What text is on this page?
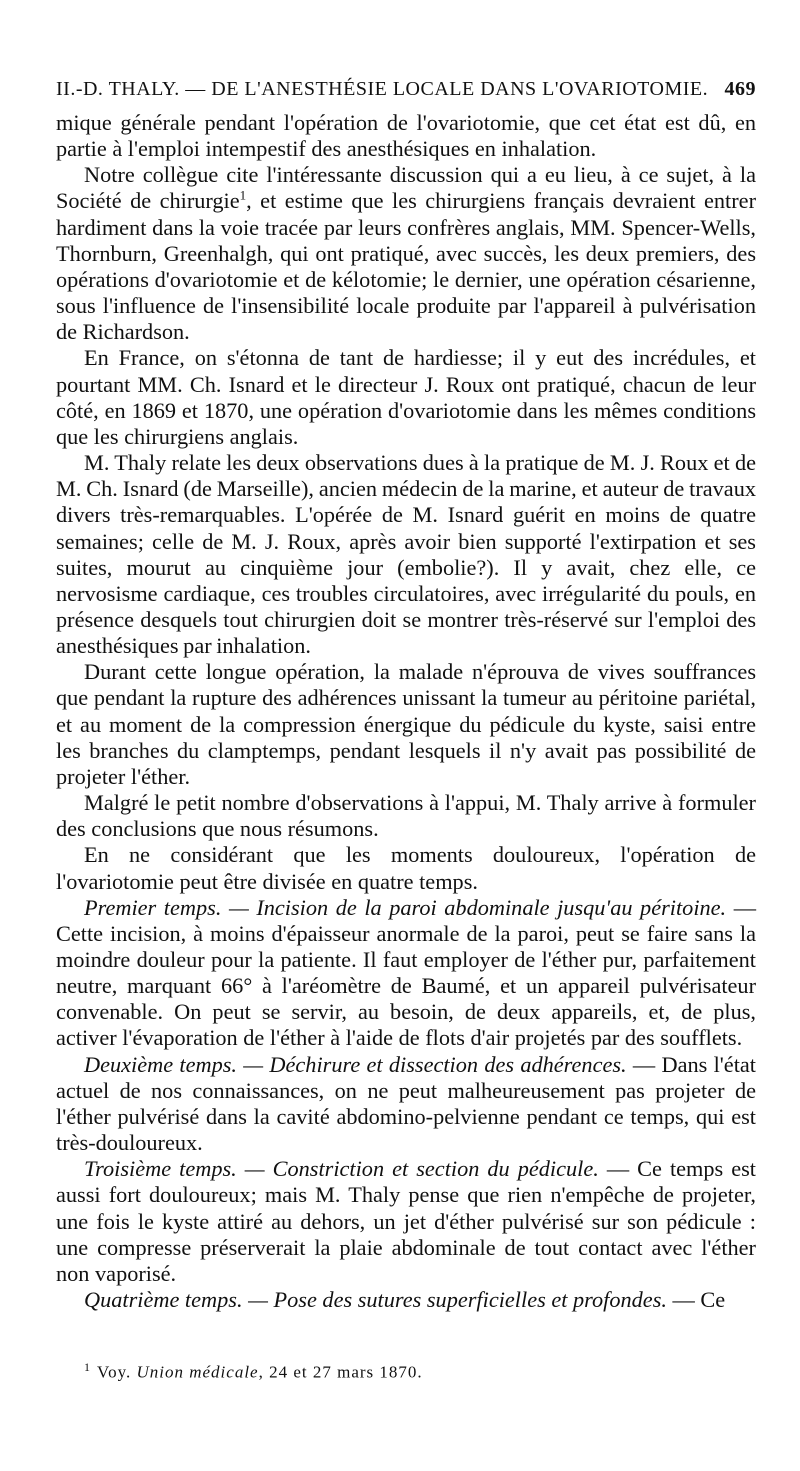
II.-D. THALY. — DE L'ANESTHÉSIE LOCALE DANS L'OVARIOTOMIE. 469

mique générale pendant l'opération de l'ovariotomie, que cet état est dû, en partie à l'emploi intempestif des anesthésiques en inhalation.

Notre collègue cite l'intéressante discussion qui a eu lieu, à ce sujet, à la Société de chirurgie$^1$, et estime que les chirurgiens français devraient entrer hardiment dans la voie tracée par leurs confrères anglais, MM. Spencer-Wells, Thornburn, Greenhalgh, qui ont pratiqué, avec succès, les deux premiers, des opérations d'ovariotomie et de kélotomie; le dernier, une opération césarienne, sous l'influence de l'insensibilité locale produite par l'appareil à pulvérisation de Richardson.

En France, on s'étonna de tant de hardiesse; il y eut des incrédules, et pourtant MM. Ch. Isnard et le directeur J. Roux ont pratiqué, chacun de leur côté, en 1869 et 1870, une opération d'ovariotomie dans les mêmes conditions que les chirurgiens anglais.

M. Thaly relate les deux observations dues à la pratique de M. J. Roux et de M. Ch. Isnard (de Marseille), ancien médecin de la marine, et auteur de travaux divers très-remarquables. L'opérée de M. Isnard guérit en moins de quatre semaines; celle de M. J. Roux, après avoir bien supporté l'extirpation et ses suites, mourut au cinquième jour (embolie?). Il y avait, chez elle, ce nervosisme cardiaque, ces troubles circulatoires, avec irrégularité du pouls, en présence desquels tout chirurgien doit se montrer très-réservé sur l'emploi des anesthésiques par inhalation.

Durant cette longue opération, la malade n'éprouva de vives souffrances que pendant la rupture des adhérences unissant la tumeur au péritoine pariétal, et au moment de la compression énergique du pédicule du kyste, saisi entre les branches du clamptemps, pendant lesquels il n'y avait pas possibilité de projeter l'éther.

Malgré le petit nombre d'observations à l'appui, M. Thaly arrive à formuler des conclusions que nous résumons.

En ne considérant que les moments douloureux, l'opération de l'ovariotomie peut être divisée en quatre temps.

Premier temps. — Incision de la paroi abdominale jusqu'au péritoine. — Cette incision, à moins d'épaisseur anormale de la paroi, peut se faire sans la moindre douleur pour la patiente. Il faut employer de l'éther pur, parfaitement neutre, marquant 66° à l'aréomètre de Baumé, et un appareil pulvérisateur convenable. On peut se servir, au besoin, de deux appareils, et, de plus, activer l'évaporation de l'éther à l'aide de flots d'air projetés par des soufflets.

Deuxième temps. — Déchirure et dissection des adhérences. — Dans l'état actuel de nos connaissances, on ne peut malheureusement pas projeter de l'éther pulvérisé dans la cavité abdomino-pelvienne pendant ce temps, qui est très-douloureux.

Troisième temps. — Constriction et section du pédicule. — Ce temps est aussi fort douloureux; mais M. Thaly pense que rien n'empêche de projeter, une fois le kyste attiré au dehors, un jet d'éther pulvérisé sur son pédicule : une compresse préserverait la plaie abdominale de tout contact avec l'éther non vaporisé.

Quatrième temps. — Pose des sutures superficielles et profondes. — Ce

$^1$ Voy. Union médicale, 24 et 27 mars 1870.
